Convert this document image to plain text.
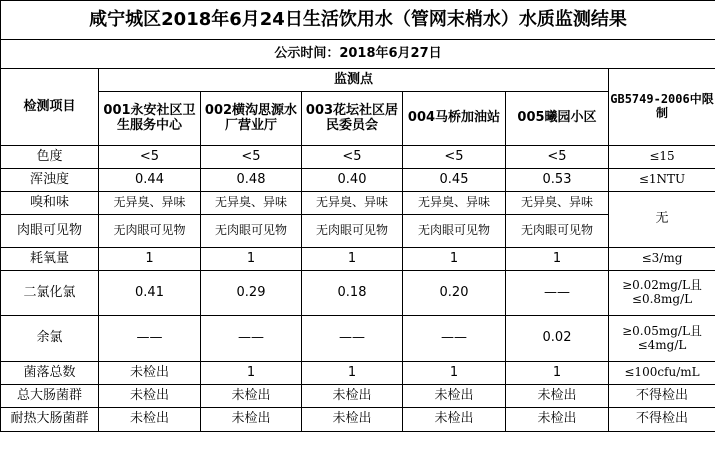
咸宁城区2018年6月24日生活饮用水（管网末梢水）水质监测结果						
公示时间：2018年6月27日						
检测项目	监测点					GB5749-2006中限制
	001永安社区卫生服务中心	002横沟思源水厂营业厅	003花坛社区居民委员会	004马桥加油站	005曦园小区	
色度	<5	<5	<5	<5	<5	≤15
浑浊度	0.44	0.48	0.40	0.45	0.53	≤1NTU
嗅和味	无异臭、异味	无异臭、异味	无异臭、异味	无异臭、异味	无异臭、异味	无
肉眼可见物	无肉眼可见物	无肉眼可见物	无肉眼可见物	无肉眼可见物	无肉眼可见物	
耗氧量	1	1	1	1	1	≤3/mg
二氯化氯	0.41	0.29	0.18	0.20	——	≥0.02mg/L且≤0.8mg/L
余氯	——	——	——	——	0.02	≥0.05mg/L且≤4mg/L
菌落总数	未检出	1	1	1	1	≤100cfu/mL
总大肠菌群	未检出	未检出	未检出	未检出	未检出	不得检出
耐热大肠菌群	未检出	未检出	未检出	未检出	未检出	不得检出
